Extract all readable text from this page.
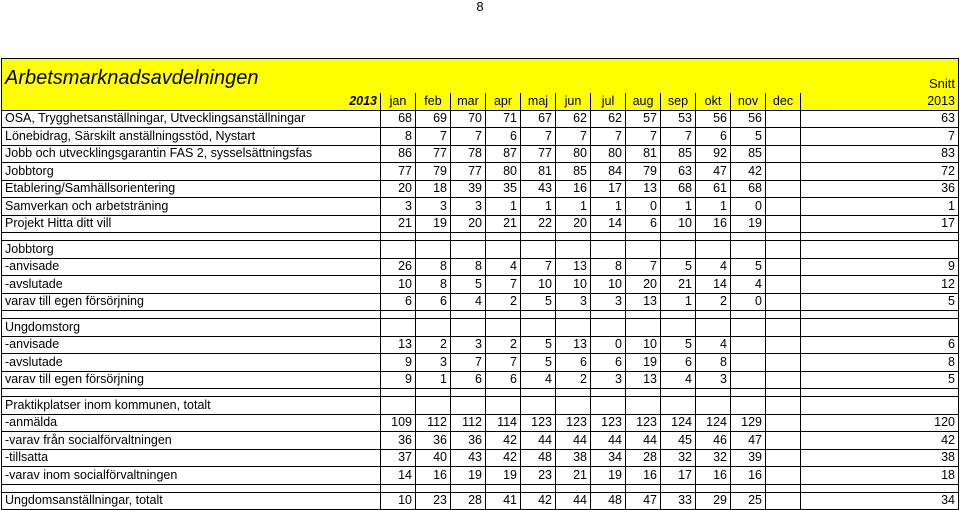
8
Arbetsmarknadsavdelningen													Snitt
2013	jan	feb	mar	apr	maj	jun	jul	aug	sep	okt	nov	dec	2013
OSA, Trygghetsanställningar, Utvecklingsanställningar	68	69	70	71	67	62	62	57	53	56	56		63
Lönebidrag, Särskilt anställningsstöd, Nystart	8	7	7	6	7	7	7	7	7	6	5		7
Jobb och utvecklingsgarantin FAS 2, sysselsättningsfas	86	77	78	87	77	80	80	81	85	92	85		83
Jobbtorg	77	79	77	80	81	85	84	79	63	47	42		72
Etablering/Samhällsorientering	20	18	39	35	43	16	17	13	68	61	68		36
Samverkan och arbetsträning	3	3	3	1	1	1	1	0	1	1	0		1
Projekt Hitta ditt vill	21	19	20	21	22	20	14	6	10	16	19		17

Jobbtorg													
-anvisade	26	8	8	4	7	13	8	7	5	4	5		9
-avslutade	10	8	5	7	10	10	10	20	21	14	4		12
varav till egen försörjning	6	6	4	2	5	3	3	13	1	2	0		5

Ungdomstorg													
-anvisade	13	2	3	2	5	13	0	10	5	4			6
-avslutade	9	3	7	7	5	6	6	19	6	8			8
varav till egen försörjning	9	1	6	6	4	2	3	13	4	3			5

Praktikplatser inom kommunen, totalt													
-anmälda	109	112	112	114	123	123	123	123	124	124	129		120
-varav från socialförvaltningen	36	36	36	42	44	44	44	44	45	46	47		42
-tillsatta	37	40	43	42	48	38	34	28	32	32	39		38
-varav inom socialförvaltningen	14	16	19	19	23	21	19	16	17	16	16		18

Ungdomsanställningar, totalt	10	23	28	41	42	44	48	47	33	29	25		34
